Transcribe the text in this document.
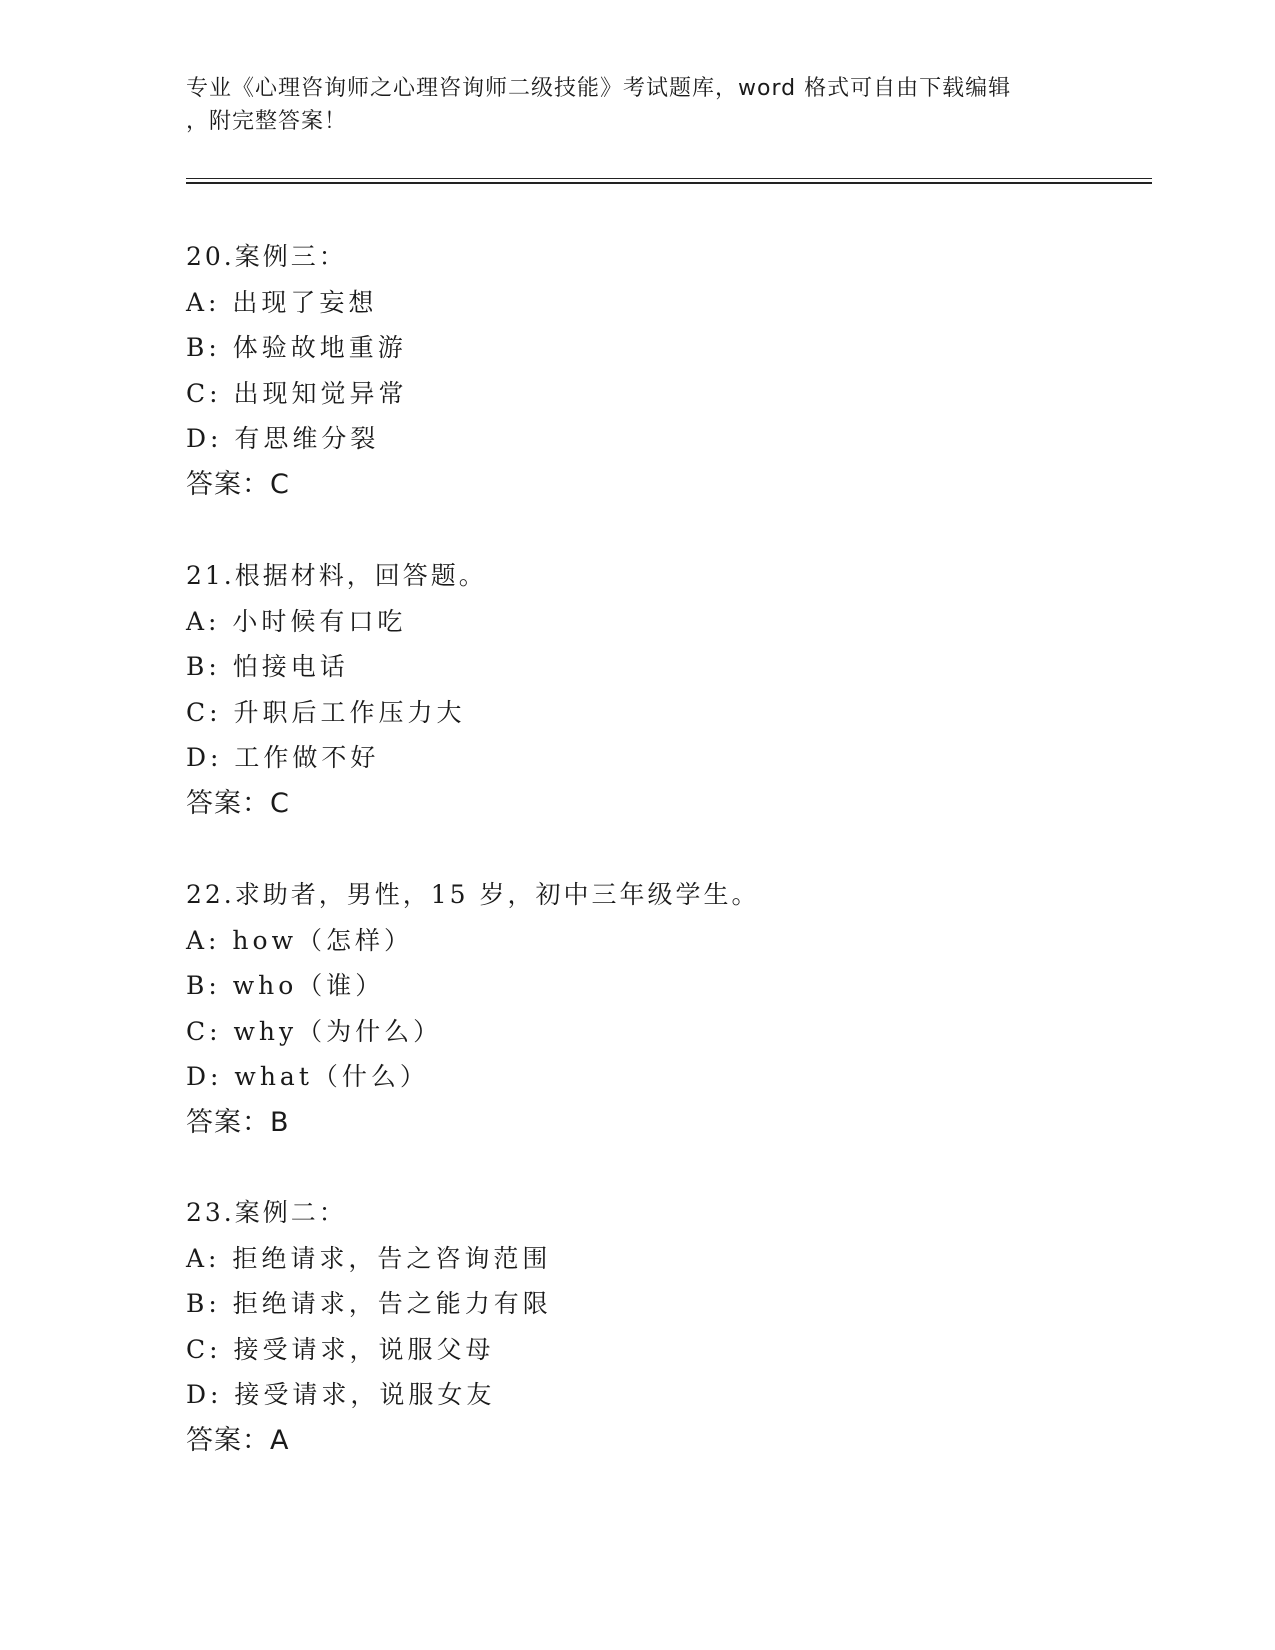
专业《心理咨询师之心理咨询师二级技能》考试题库，word 格式可自由下载编辑
，附完整答案！
20.案例三：
A: 出现了妄想
B: 体验故地重游
C: 出现知觉异常
D: 有思维分裂
答案：C
21.根据材料，回答题。
A: 小时候有口吃
B: 怕接电话
C: 升职后工作压力大
D: 工作做不好
答案：C
22.求助者，男性，15 岁，初中三年级学生。
A: how（怎样）
B: who（谁）
C: why（为什么）
D: what（什么）
答案：B
23.案例二：
A: 拒绝请求，告之咨询范围
B: 拒绝请求，告之能力有限
C: 接受请求，说服父母
D: 接受请求，说服女友
答案：A
